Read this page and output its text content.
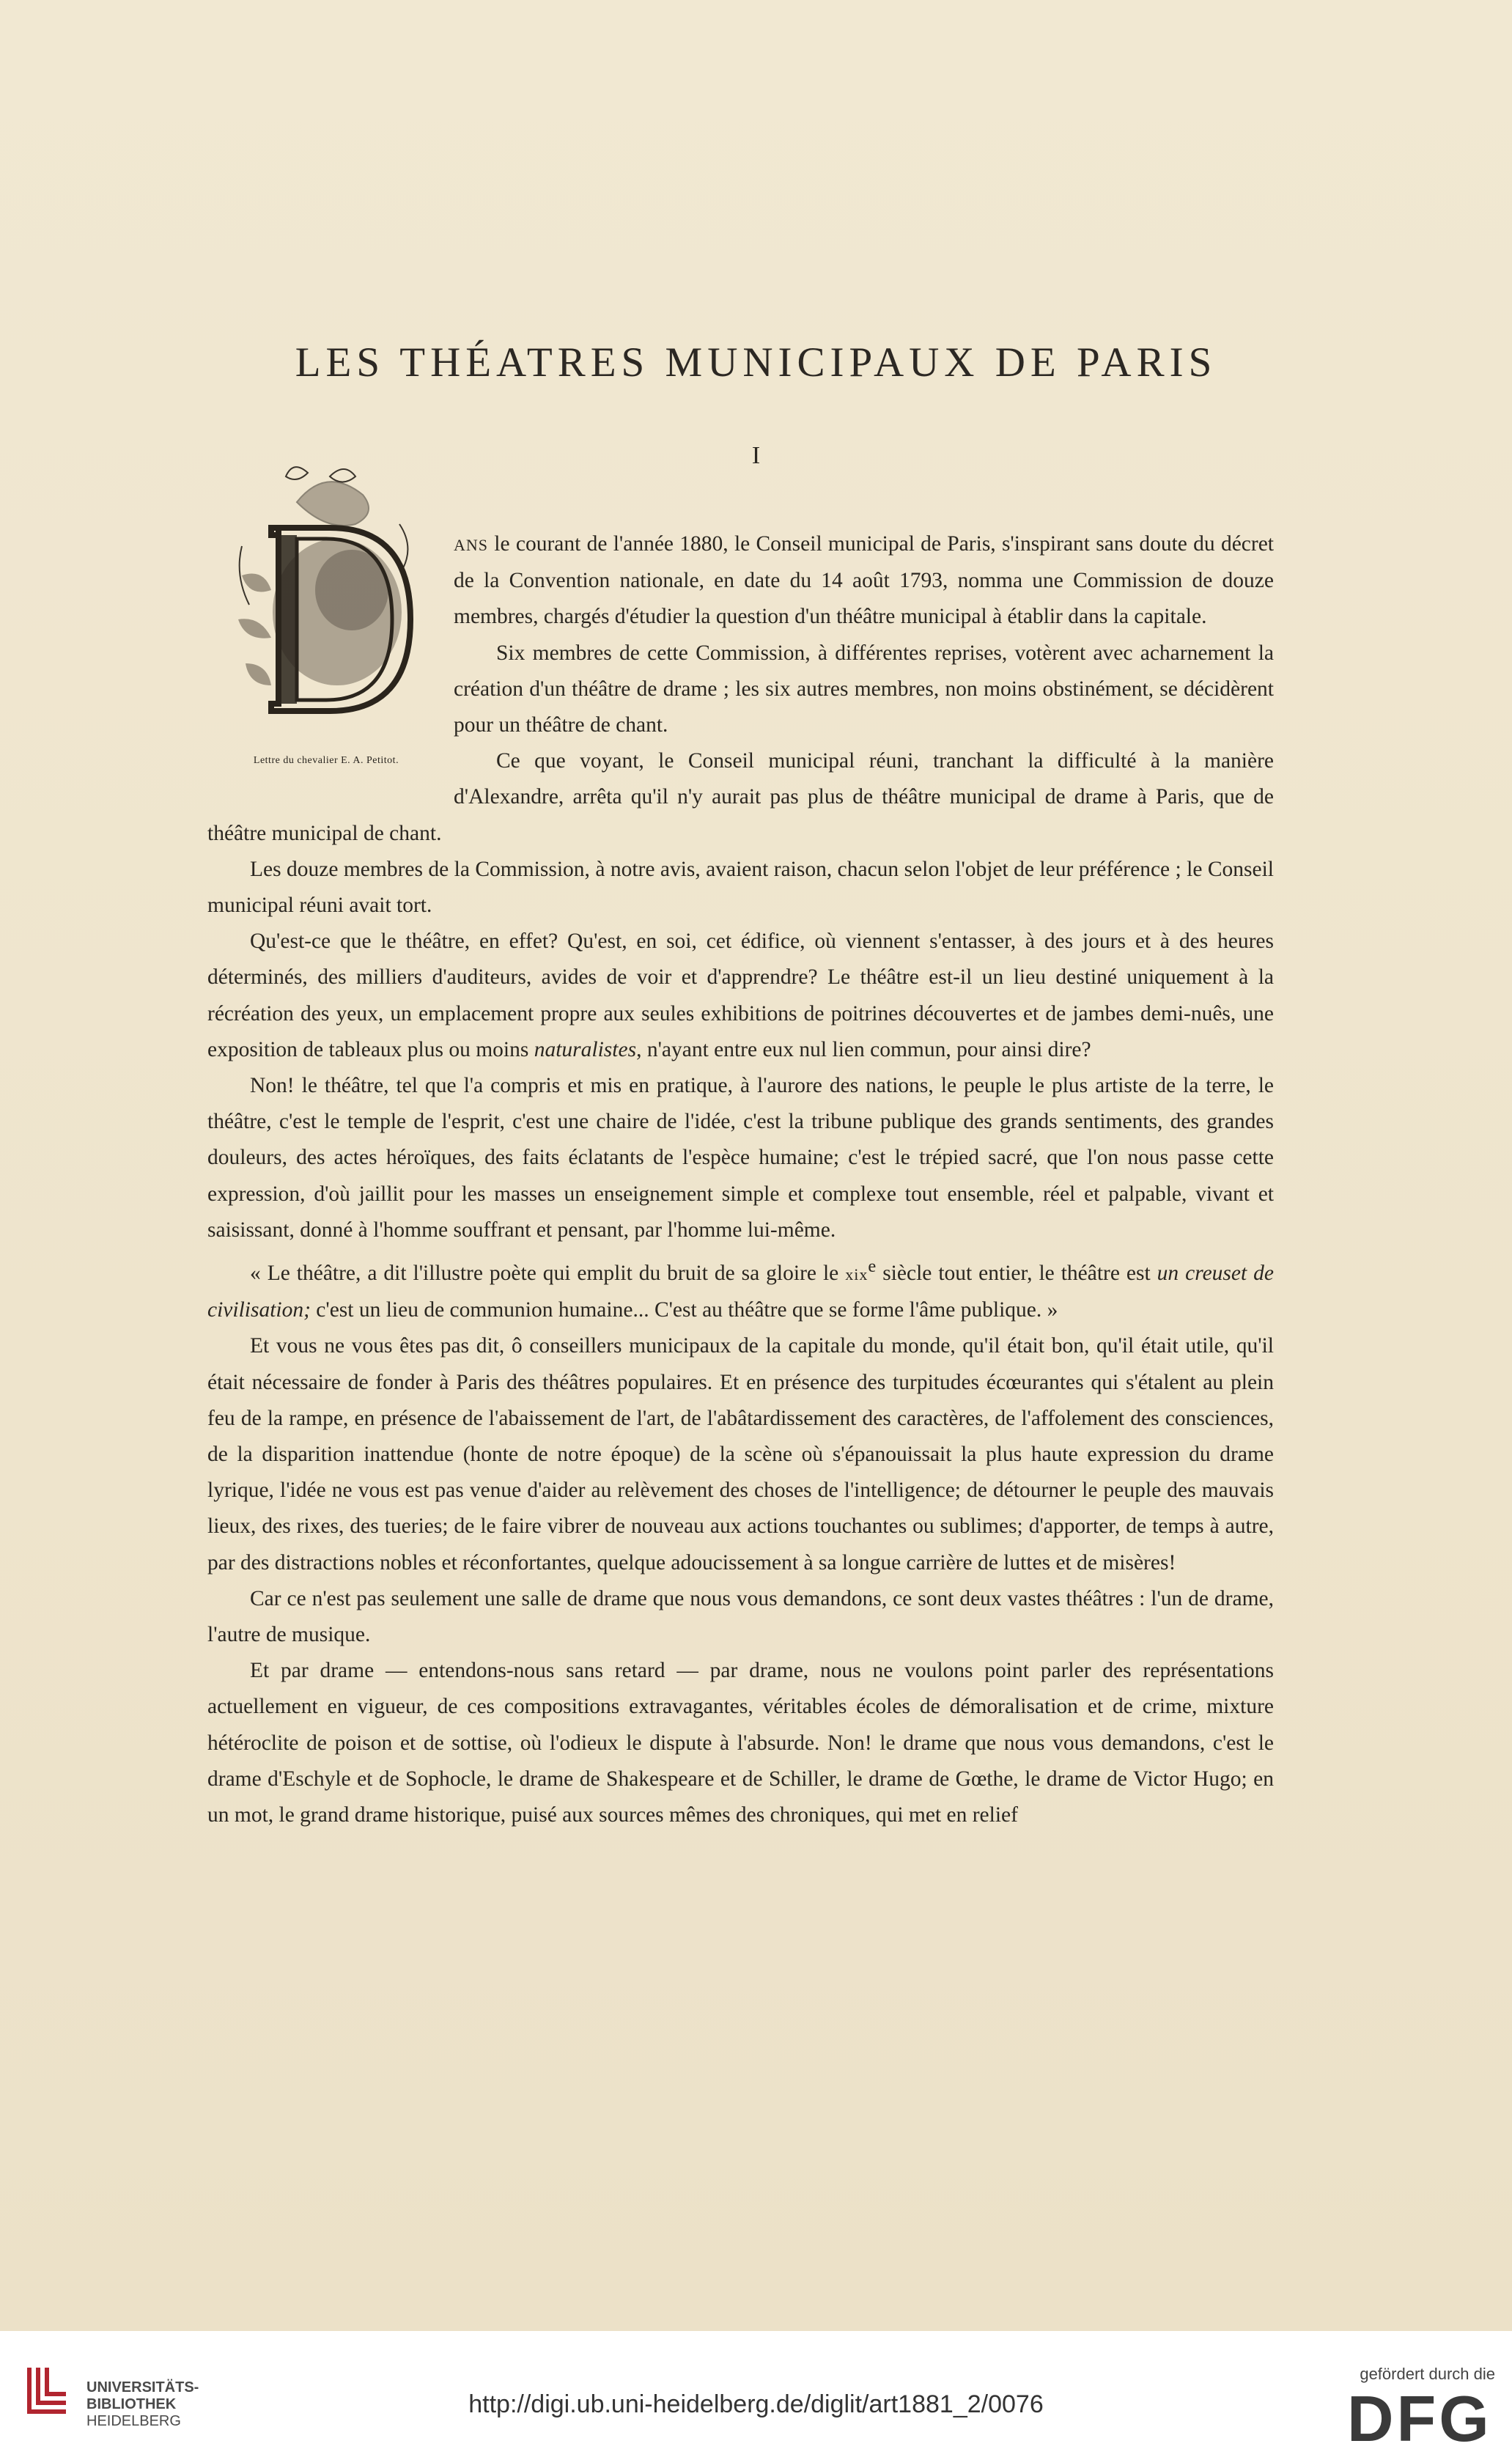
LES THÉATRES MUNICIPAUX DE PARIS

I

Lettre du chevalier E. A. Petitot.

ANS le courant de l'année 1880, le Conseil municipal de Paris, s'inspirant sans doute du décret de la Convention nationale, en date du 14 août 1793, nomma une Commission de douze membres, chargés d'étudier la question d'un théâtre municipal à établir dans la capitale.

Six membres de cette Commission, à différentes reprises, votèrent avec acharnement la création d'un théâtre de drame ; les six autres membres, non moins obstinément, se décidèrent pour un théâtre de chant.

Ce que voyant, le Conseil municipal réuni, tranchant la difficulté à la manière d'Alexandre, arrêta qu'il n'y aurait pas plus de théâtre municipal de drame à Paris, que de théâtre municipal de chant.

Les douze membres de la Commission, à notre avis, avaient raison, chacun selon l'objet de leur préférence ; le Conseil municipal réuni avait tort.

Qu'est-ce que le théâtre, en effet? Qu'est, en soi, cet édifice, où viennent s'entasser, à des jours et à des heures déterminés, des milliers d'auditeurs, avides de voir et d'apprendre? Le théâtre est-il un lieu destiné uniquement à la récréation des yeux, un emplacement propre aux seules exhibitions de poitrines découvertes et de jambes demi-nuês, une exposition de tableaux plus ou moins naturalistes, n'ayant entre eux nul lien commun, pour ainsi dire?

Non! le théâtre, tel que l'a compris et mis en pratique, à l'aurore des nations, le peuple le plus artiste de la terre, le théâtre, c'est le temple de l'esprit, c'est une chaire de l'idée, c'est la tribune publique des grands sentiments, des grandes douleurs, des actes héroïques, des faits éclatants de l'espèce humaine; c'est le trépied sacré, que l'on nous passe cette expression, d'où jaillit pour les masses un enseignement simple et complexe tout ensemble, réel et palpable, vivant et saisissant, donné à l'homme souffrant et pensant, par l'homme lui-même.

« Le théâtre, a dit l'illustre poète qui emplit du bruit de sa gloire le xix$^e$ siècle tout entier, le théâtre est un creuset de civilisation; c'est un lieu de communion humaine... C'est au théâtre que se forme l'âme publique. »

Et vous ne vous êtes pas dit, ô conseillers municipaux de la capitale du monde, qu'il était bon, qu'il était utile, qu'il était nécessaire de fonder à Paris des théâtres populaires. Et en présence des turpitudes écœurantes qui s'étalent au plein feu de la rampe, en présence de l'abaissement de l'art, de l'abâtardissement des caractères, de l'affolement des consciences, de la disparition inattendue (honte de notre époque) de la scène où s'épanouissait la plus haute expression du drame lyrique, l'idée ne vous est pas venue d'aider au relèvement des choses de l'intelligence; de détourner le peuple des mauvais lieux, des rixes, des tueries; de le faire vibrer de nouveau aux actions touchantes ou sublimes; d'apporter, de temps à autre, par des distractions nobles et réconfortantes, quelque adoucissement à sa longue carrière de luttes et de misères!

Car ce n'est pas seulement une salle de drame que nous vous demandons, ce sont deux vastes théâtres : l'un de drame, l'autre de musique.

Et par drame — entendons-nous sans retard — par drame, nous ne voulons point parler des représentations actuellement en vigueur, de ces compositions extravagantes, véritables écoles de démoralisation et de crime, mixture hétéroclite de poison et de sottise, où l'odieux le dispute à l'absurde. Non! le drame que nous vous demandons, c'est le drame d'Eschyle et de Sophocle, le drame de Shakespeare et de Schiller, le drame de Gœthe, le drame de Victor Hugo; en un mot, le grand drame historique, puisé aux sources mêmes des chroniques, qui met en relief

UNIVERSITÄTS-
BIBLIOTHEK
HEIDELBERG

http://digi.ub.uni-heidelberg.de/diglit/art1881_2/0076
gefördert durch die
DFG
